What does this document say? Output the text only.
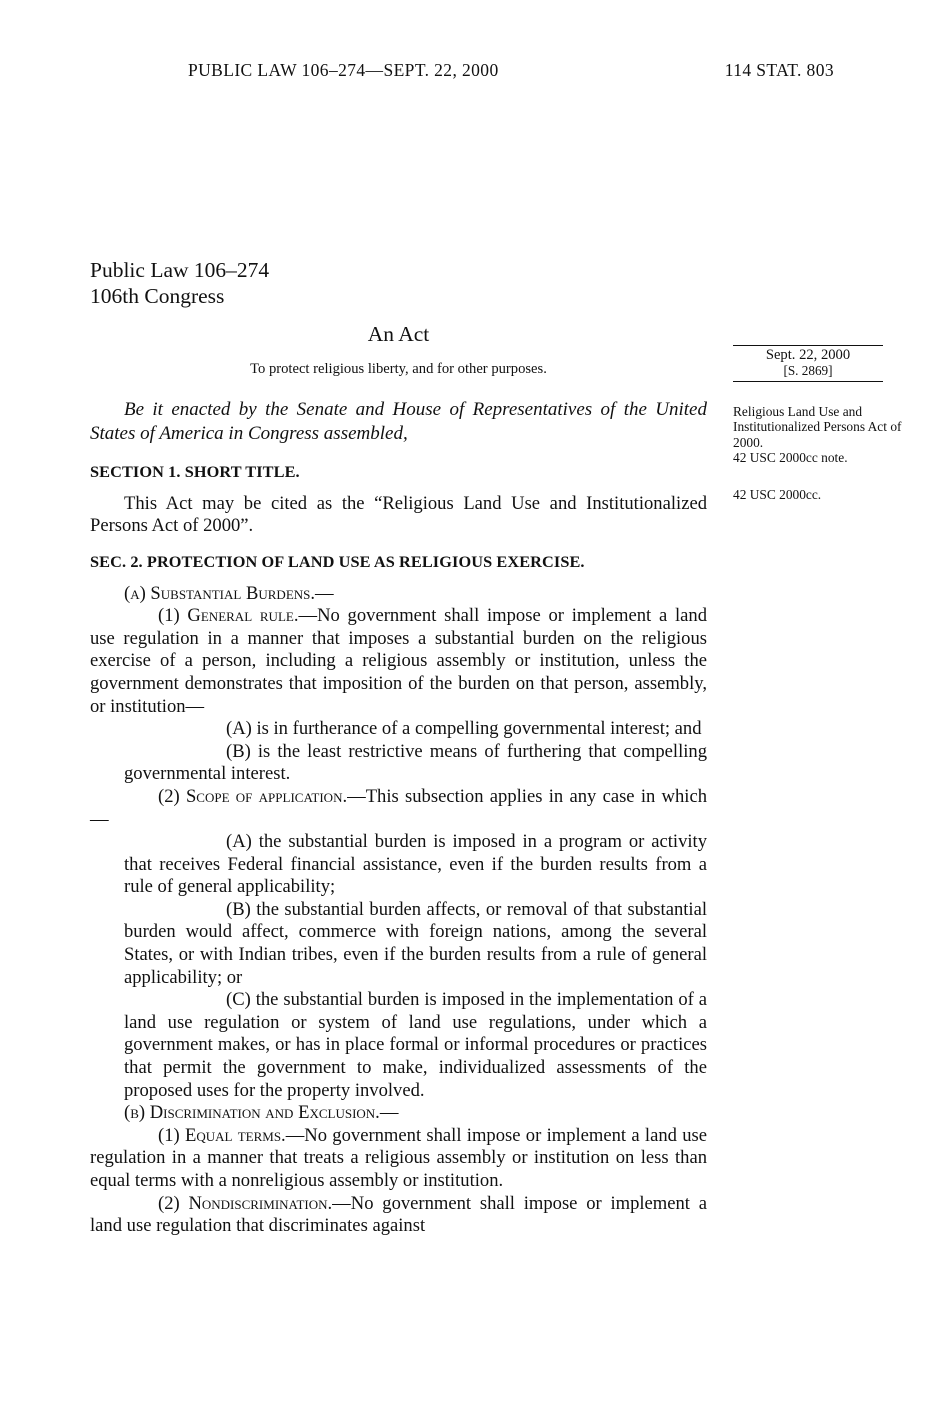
PUBLIC LAW 106–274—SEPT. 22, 2000	114 STAT. 803
Public Law 106–274
106th Congress
An Act
To protect religious liberty, and for other purposes.

Be it enacted by the Senate and House of Representatives of the United States of America in Congress assembled,

SECTION 1. SHORT TITLE.

This Act may be cited as the “Religious Land Use and Institutionalized Persons Act of 2000”.

SEC. 2. PROTECTION OF LAND USE AS RELIGIOUS EXERCISE.

(a) Substantial Burdens.—

(1) General rule.—No government shall impose or implement a land use regulation in a manner that imposes a substantial burden on the religious exercise of a person, including a religious assembly or institution, unless the government demonstrates that imposition of the burden on that person, assembly, or institution—

(A) is in furtherance of a compelling governmental interest; and

(B) is the least restrictive means of furthering that compelling governmental interest.

(2) Scope of application.—This subsection applies in any case in which—

(A) the substantial burden is imposed in a program or activity that receives Federal financial assistance, even if the burden results from a rule of general applicability;

(B) the substantial burden affects, or removal of that substantial burden would affect, commerce with foreign nations, among the several States, or with Indian tribes, even if the burden results from a rule of general applicability; or

(C) the substantial burden is imposed in the implementation of a land use regulation or system of land use regulations, under which a government makes, or has in place formal or informal procedures or practices that permit the government to make, individualized assessments of the proposed uses for the property involved.

(b) Discrimination and Exclusion.—

(1) Equal terms.—No government shall impose or implement a land use regulation in a manner that treats a religious assembly or institution on less than equal terms with a nonreligious assembly or institution.

(2) Nondiscrimination.—No government shall impose or implement a land use regulation that discriminates against

Sept. 22, 2000
[S. 2869]
Religious Land Use and Institutionalized Persons Act of 2000.
42 USC 2000cc note.
42 USC 2000cc.
